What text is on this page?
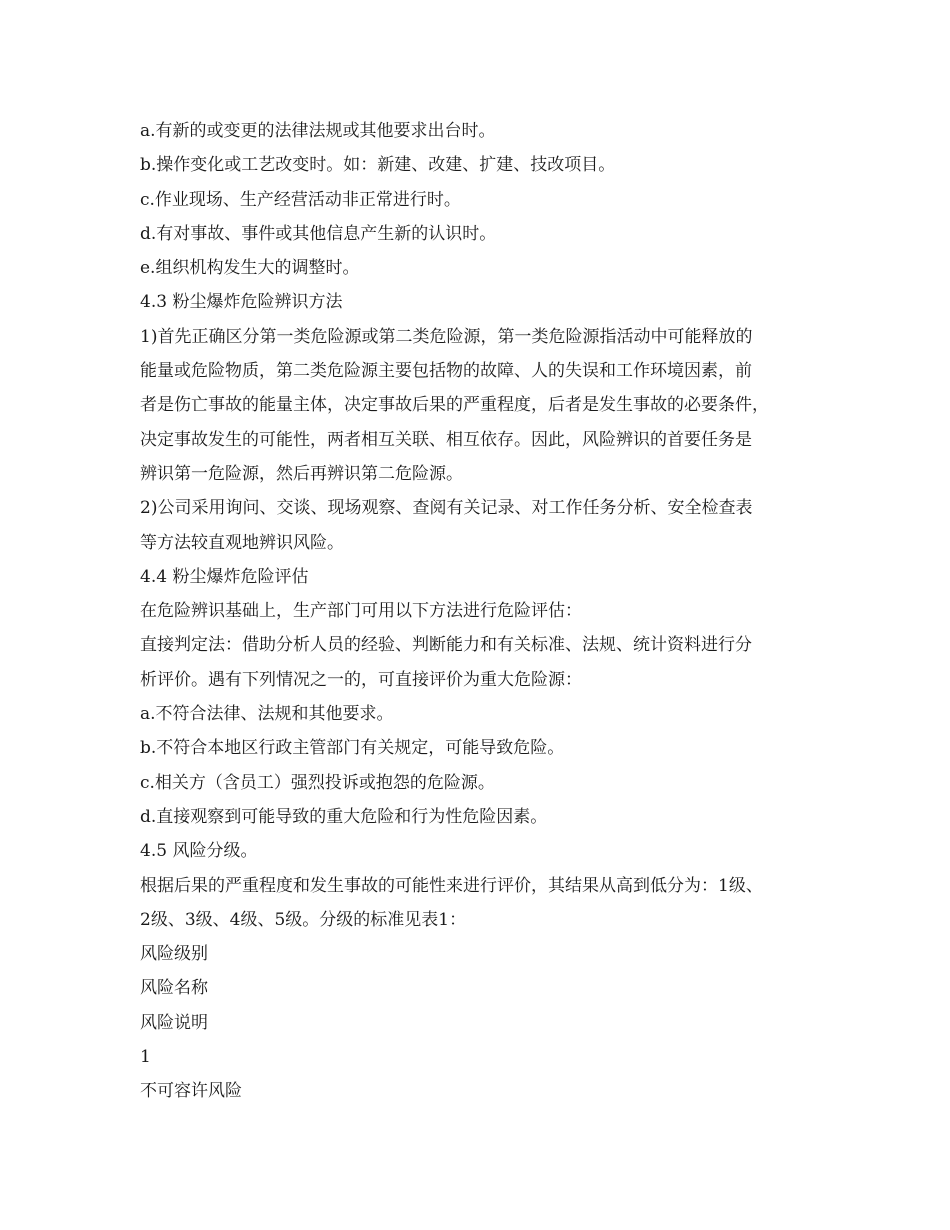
a.有新的或变更的法律法规或其他要求出台时。
b.操作变化或工艺改变时。如：新建、改建、扩建、技改项目。
c.作业现场、生产经营活动非正常进行时。
d.有对事故、事件或其他信息产生新的认识时。
e.组织机构发生大的调整时。
4.3 粉尘爆炸危险辨识方法
1)首先正确区分第一类危险源或第二类危险源，第一类危险源指活动中可能释放的
能量或危险物质，第二类危险源主要包括物的故障、人的失误和工作环境因素，前
者是伤亡事故的能量主体，决定事故后果的严重程度，后者是发生事故的必要条件，
决定事故发生的可能性，两者相互关联、相互依存。因此，风险辨识的首要任务是
辨识第一危险源，然后再辨识第二危险源。
2)公司采用询问、交谈、现场观察、查阅有关记录、对工作任务分析、安全检查表
等方法较直观地辨识风险。
4.4 粉尘爆炸危险评估
在危险辨识基础上，生产部门可用以下方法进行危险评估：
直接判定法：借助分析人员的经验、判断能力和有关标准、法规、统计资料进行分
析评价。遇有下列情况之一的，可直接评价为重大危险源：
a.不符合法律、法规和其他要求。
b.不符合本地区行政主管部门有关规定，可能导致危险。
c.相关方（含员工）强烈投诉或抱怨的危险源。
d.直接观察到可能导致的重大危险和行为性危险因素。
4.5 风险分级。
根据后果的严重程度和发生事故的可能性来进行评价，其结果从高到低分为：1级、
2级、3级、4级、5级。分级的标准见表1：
风险级别
风险名称
风险说明
1
不可容许风险
